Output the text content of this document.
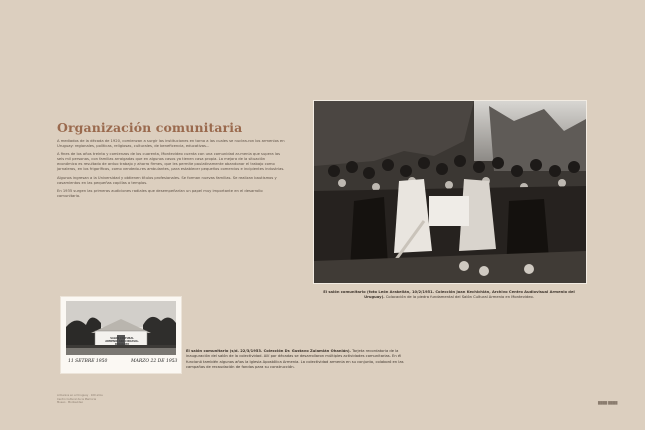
Organización comunitaria

A mediados de la década de 1920, comienzan a surgir las instituciones en torno a las cuales se nuclea-ron los armenios en Uruguay: regionales, políticas, religiosas, culturales, de beneficencia, educativas...

A fines de los años treinta y comienzos de los cuarenta, Montevideo cuenta con una comunidad ar-menia que supera las seis mil personas, con familias arraigadas que en algunos casos ya tienen casa propia. La mejora de la situación económica es resultado de arduo trabajo y ahorro firmes, que les permite paulatinamente abandonar el trabajo como jornaleros, en los frigoríficos, como vendedo-res ambulantes, para establecer pequeños comercios e incipientes industrias.

Algunos ingresan a la Universidad y obtienen títulos profesionales. Se forman nuevas familias. Se realizan bautismos y casamientos en las pequeñas capillas o templos.

En 1935 surgen las primeras audiciones radiales que desempeñarían un papel muy importante en el desarrollo comunitario.

El salón comunitario (foto León Arakelián, 10/2/1951. Colección Joan Kechichián, Archivo Centro Audiovisual Armenio del Uruguay). Colocación de la piedra fundamental del Salón Cultural Armenio en Montevideo.
SALON CULTURAL ARMENIO ASO CIRCASIA-PARAGUAY
11 SETBRE 1950	MARZO 22 DE 1953
El salón comunitario (s/d. 22/3/1953. Colección Dr. Gustavo Zulamián Ohanián). Tarjeta recordatoria de la inauguración del salón de la colectividad. Allí por décadas se desarrollaron múltiples actividades comunitarias. En él funcionó también algunos años la Iglesia Apostólica Armenia. La colectividad armenia en su conjunto, colaboró en las campañas de recaudación de fondos para su construcción.
Armenios en el Uruguay · 100 años
Centro Cultural de la Memoria
Museo · Montevideo	████ ████
